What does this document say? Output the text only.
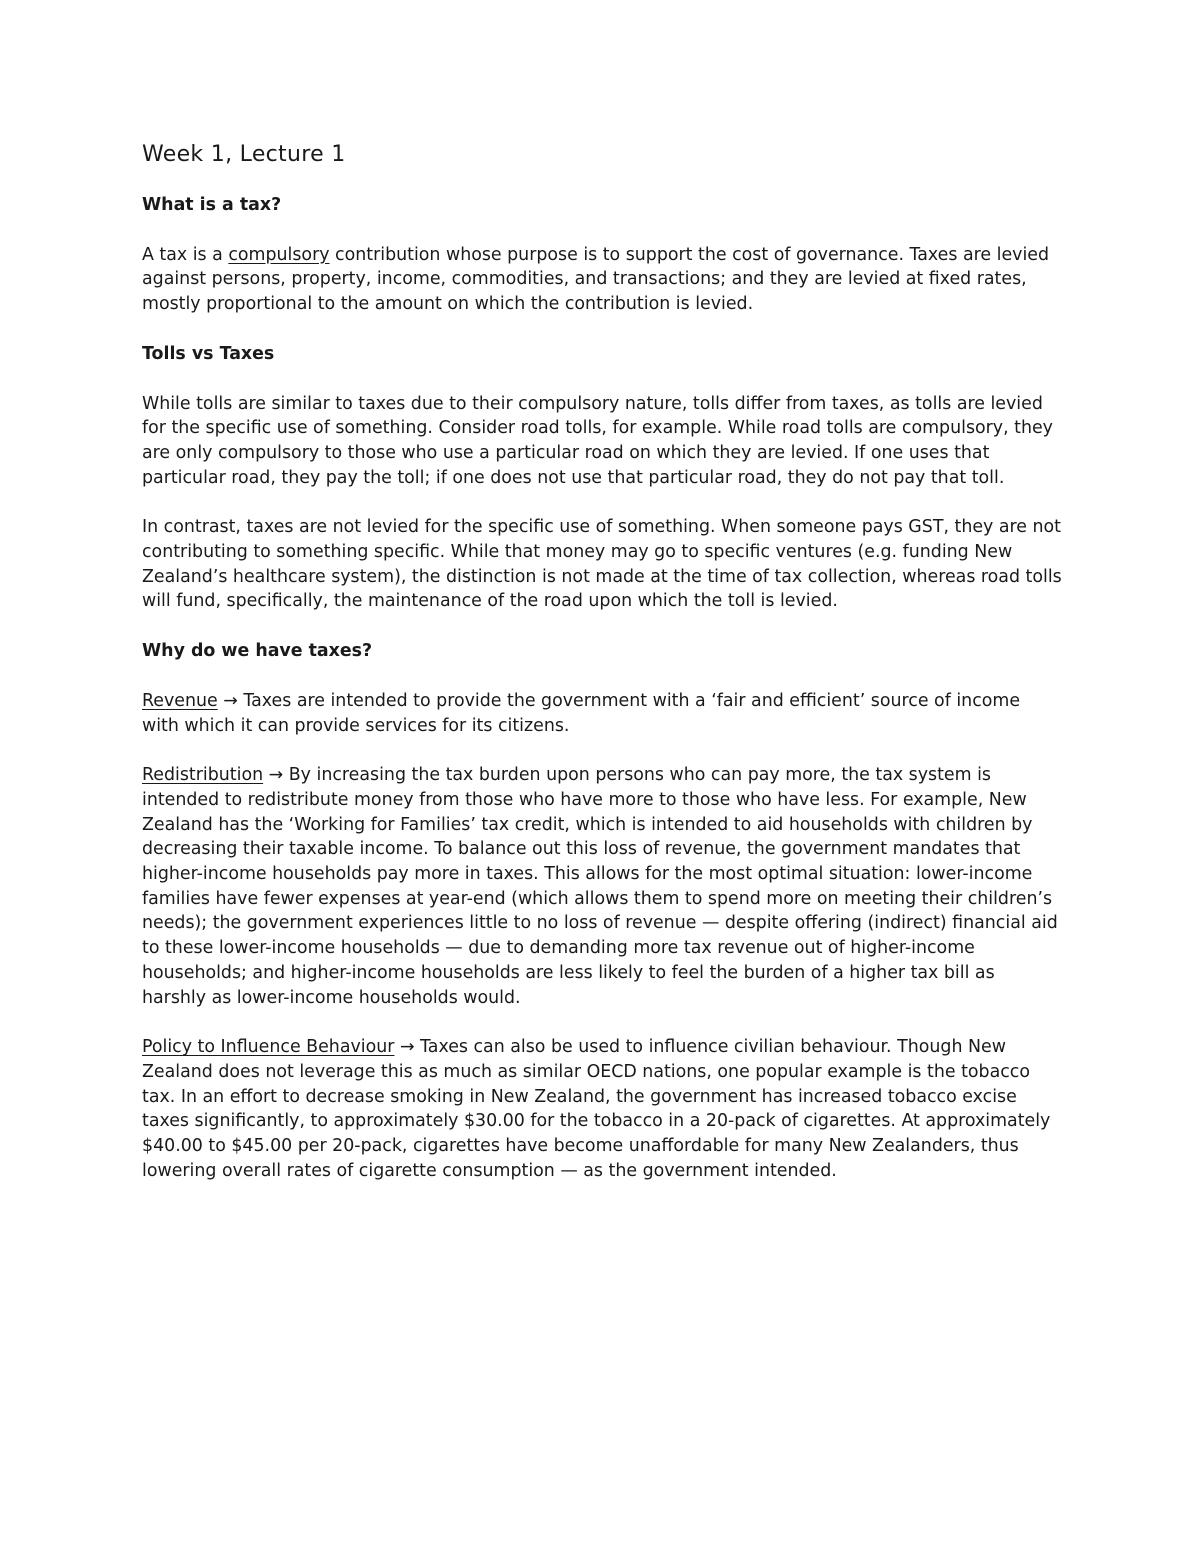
Week 1, Lecture 1
What is a tax?

A tax is a compulsory contribution whose purpose is to support the cost of governance. Taxes are levied against persons, property, income, commodities, and transactions; and they are levied at fixed rates, mostly proportional to the amount on which the contribution is levied.

Tolls vs Taxes

While tolls are similar to taxes due to their compulsory nature, tolls differ from taxes, as tolls are levied for the specific use of something. Consider road tolls, for example. While road tolls are compulsory, they are only compulsory to those who use a particular road on which they are levied. If one uses that particular road, they pay the toll; if one does not use that particular road, they do not pay that toll.

In contrast, taxes are not levied for the specific use of something. When someone pays GST, they are not contributing to something specific. While that money may go to specific ventures (e.g. funding New Zealand’s healthcare system), the distinction is not made at the time of tax collection, whereas road tolls will fund, specifically, the maintenance of the road upon which the toll is levied.

Why do we have taxes?

Revenue → Taxes are intended to provide the government with a ‘fair and efficient’ source of income with which it can provide services for its citizens.

Redistribution → By increasing the tax burden upon persons who can pay more, the tax system is intended to redistribute money from those who have more to those who have less. For example, New Zealand has the ‘Working for Families’ tax credit, which is intended to aid households with children by decreasing their taxable income. To balance out this loss of revenue, the government mandates that higher-income households pay more in taxes. This allows for the most optimal situation: lower-income families have fewer expenses at year-end (which allows them to spend more on meeting their children’s needs); the government experiences little to no loss of revenue — despite offering (indirect) financial aid to these lower-income households — due to demanding more tax revenue out of higher-income households; and higher-income households are less likely to feel the burden of a higher tax bill as harshly as lower-income households would.

Policy to Influence Behaviour → Taxes can also be used to influence civilian behaviour. Though New Zealand does not leverage this as much as similar OECD nations, one popular example is the tobacco tax. In an effort to decrease smoking in New Zealand, the government has increased tobacco excise taxes significantly, to approximately $30.00 for the tobacco in a 20-pack of cigarettes. At approximately $40.00 to $45.00 per 20-pack, cigarettes have become unaffordable for many New Zealanders, thus lowering overall rates of cigarette consumption — as the government intended.
